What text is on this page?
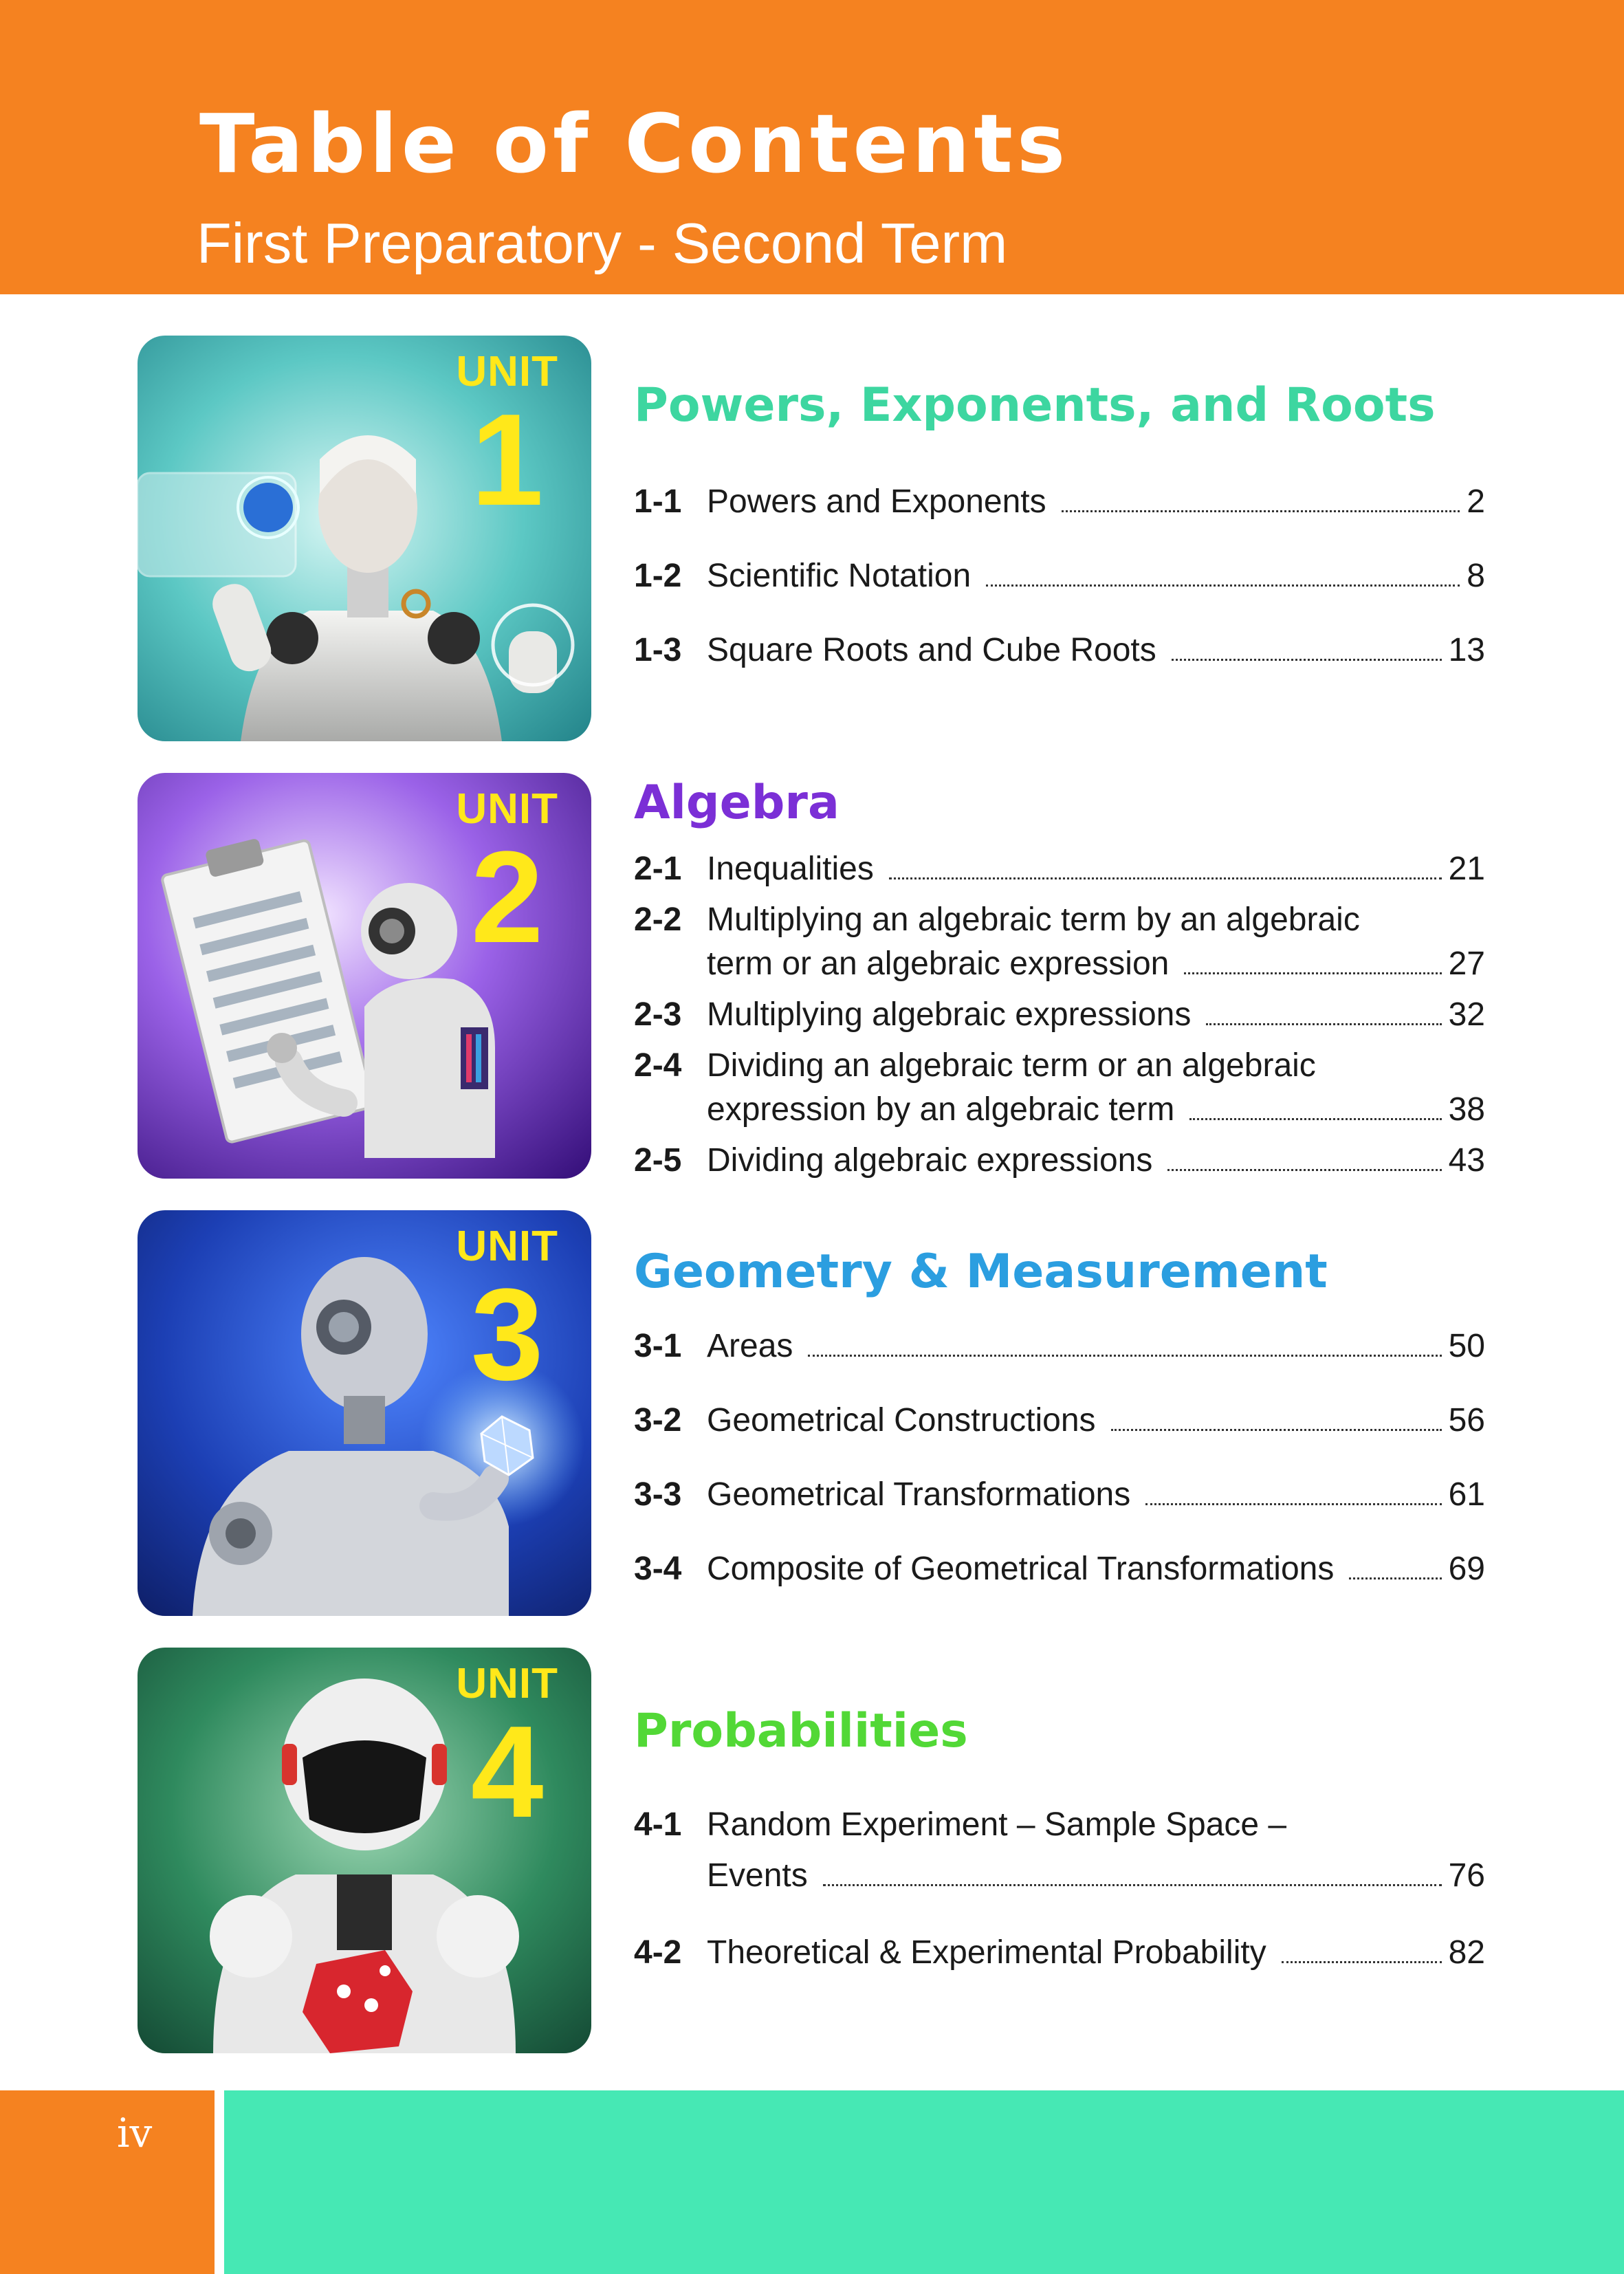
Table of Contents
First Preparatory - Second Term
UNIT
1	Powers, Exponents, and Roots
1-1 Powers and Exponents	2
1-2 Scientific Notation	8
1-3 Square Roots and Cube Roots	13
UNIT
2
Algebra
2-1 Inequalities	21
2-2 Multiplying an algebraic term by an algebraic
term or an algebraic expression	27
2-3 Multiplying algebraic expressions	32
2-4 Dividing an algebraic term or an algebraic
expression by an algebraic term	38
2-5 Dividing algebraic expressions	43
UNIT
3	Geometry & Measurement
3-1 Areas	50
3-2 Geometrical Constructions	56
3-3 Geometrical Transformations	61
3-4 Composite of Geometrical Transformations	69
UNIT
4	Probabilities
4-1 Random Experiment – Sample Space –
Events	76
4-2 Theoretical & Experimental Probability	82
iv
